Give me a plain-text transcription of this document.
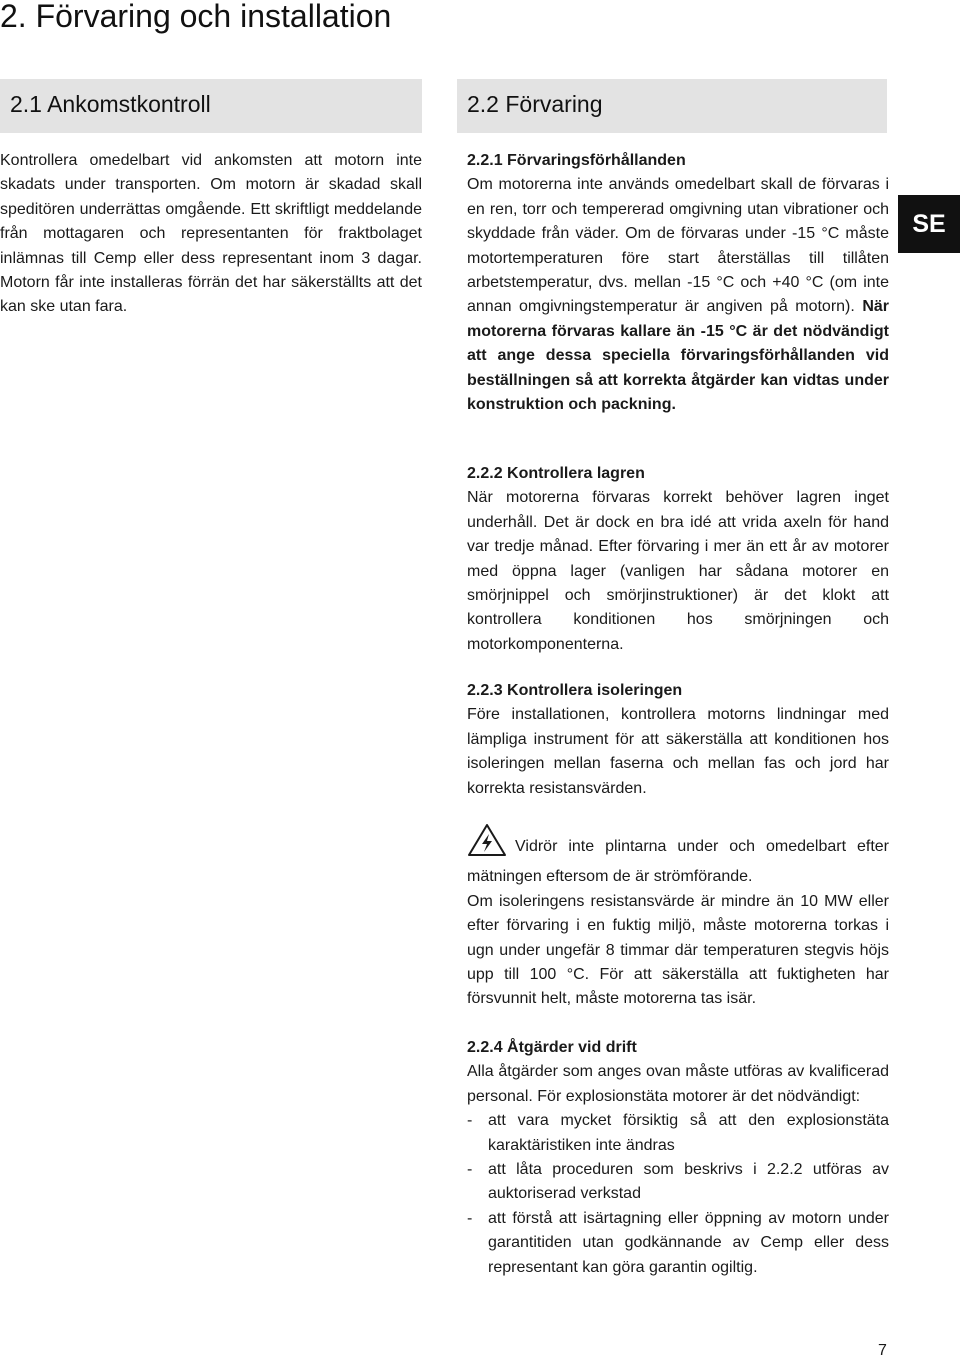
2. Förvaring och installation
2.1 Ankomstkontroll

Kontrollera omedelbart vid ankomsten att motorn inte skadats under transporten. Om motorn är skadad skall speditören underrättas omgående. Ett skriftligt meddelande från mottagaren och representanten för fraktbolaget inlämnas till Cemp eller dess representant inom 3 dagar. Motorn får inte installeras förrän det har säkerställts att det kan ske utan fara.

2.2 Förvaring

2.2.1 Förvaringsförhållanden
Om motorerna inte används omedelbart skall de förvaras i en ren, torr och tempererad omgivning utan vibrationer och skyddade från väder. Om de förvaras under -15 °C måste motortemperaturen före start återställas till tillåten arbetstemperatur, dvs. mellan -15 °C och +40 °C (om inte annan omgivningstemperatur är angiven på motorn). När motorerna förvaras kallare än -15 °C är det nödvändigt att ange dessa speciella förvaringsförhållanden vid beställningen så att korrekta åtgärder kan vidtas under konstruktion och packning.

2.2.2 Kontrollera lagren
När motorerna förvaras korrekt behöver lagren inget underhåll. Det är dock en bra idé att vrida axeln för hand var tredje månad. Efter förvaring i mer än ett år av motorer med öppna lager (vanligen har sådana motorer en smörjnippel och smörjinstruktioner) är det klokt att kontrollera konditionen hos smörjningen och motorkomponenterna.

2.2.3 Kontrollera isoleringen
Före installationen, kontrollera motorns lindningar med lämpliga instrument för att säkerställa att konditionen hos isoleringen mellan faserna och mellan fas och jord har korrekta resistansvärden.

Vidrör inte plintarna under och omedelbart efter mätningen eftersom de är strömförande.

Om isoleringens resistansvärde är mindre än 10 MW eller efter förvaring i en fuktig miljö, måste motorerna torkas i ugn under ungefär 8 timmar där temperaturen stegvis höjs upp till 100 °C. För att säkerställa att fuktigheten har försvunnit helt, måste motorerna tas isär.

2.2.4 Åtgärder vid drift
Alla åtgärder som anges ovan måste utföras av kvalificerad personal. För explosionstäta motorer är det nödvändigt:

- att vara mycket försiktig så att den explosionstäta karaktäristiken inte ändras
- att låta proceduren som beskrivs i 2.2.2 utföras av auktoriserad verkstad
- att förstå att isärtagning eller öppning av motorn under garantitiden utan godkännande av Cemp eller dess representant kan göra garantin ogiltig.
SE
7
